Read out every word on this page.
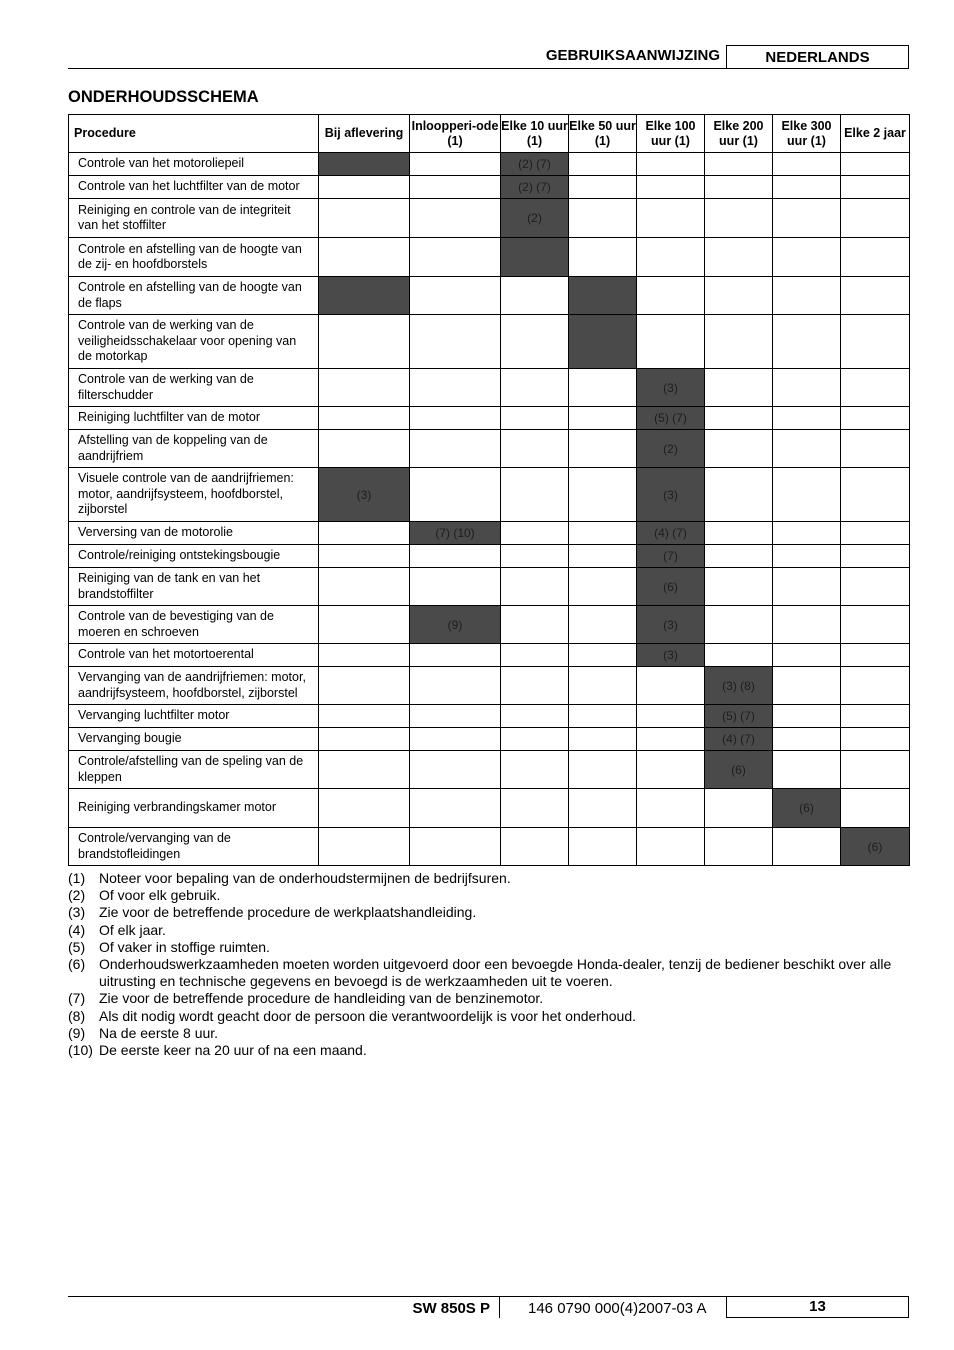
GEBRUIKSAANWIJZING	NEDERLANDS
ONDERHOUDSSCHEMA
Procedure	Bij aflevering	Inloopperi-ode (1)	Elke 10 uur (1)	Elke 50 uur (1)	Elke 100 uur (1)	Elke 200 uur (1)	Elke 300 uur (1)	Elke 2 jaar
Controle van het motoroliepeil			(2) (7)					
Controle van het luchtfilter van de motor			(2) (7)					
Reiniging en controle van de integriteit van het stoffilter			(2)					
Controle en afstelling van de hoogte van de zij- en hoofdborstels								
Controle en afstelling van de hoogte van de flaps								
Controle van de werking van de veiligheidsschakelaar voor opening van de motorkap								
Controle van de werking van de filterschudder					(3)			
Reiniging luchtfilter van de motor					(5) (7)			
Afstelling van de koppeling van de aandrijfriem					(2)			
Visuele controle van de aandrijfriemen: motor, aandrijfsysteem, hoofdborstel, zijborstel	(3)				(3)			
Verversing van de motorolie		(7) (10)			(4) (7)			
Controle/reiniging ontstekingsbougie					(7)			
Reiniging van de tank en van het brandstoffilter					(6)			
Controle van de bevestiging van de moeren en schroeven		(9)			(3)			
Controle van het motortoerental					(3)			
Vervanging van de aandrijfriemen: motor, aandrijfsysteem, hoofdborstel, zijborstel						(3) (8)		
Vervanging luchtfilter motor						(5) (7)		
Vervanging bougie						(4) (7)		
Controle/afstelling van de speling van de kleppen						(6)		
Reiniging verbrandingskamer motor							(6)	
Controle/vervanging van de brandstofleidingen								(6)
(1) Noteer voor bepaling van de onderhoudstermijnen de bedrijfsuren.
(2) Of voor elk gebruik.
(3) Zie voor de betreffende procedure de werkplaatshandleiding.
(4) Of elk jaar.
(5) Of vaker in stoffige ruimten.
(6) Onderhoudswerkzaamheden moeten worden uitgevoerd door een bevoegde Honda-dealer, tenzij de bediener beschikt over alle uitrusting en technische gegevens en bevoegd is de werkzaamheden uit te voeren.
(7) Zie voor de betreffende procedure de handleiding van de benzinemotor.
(8) Als dit nodig wordt geacht door de persoon die verantwoordelijk is voor het onderhoud.
(9) Na de eerste 8 uur.
(10) De eerste keer na 20 uur of na een maand.
SW 850S P	146 0790 000(4)2007-03 A	13
